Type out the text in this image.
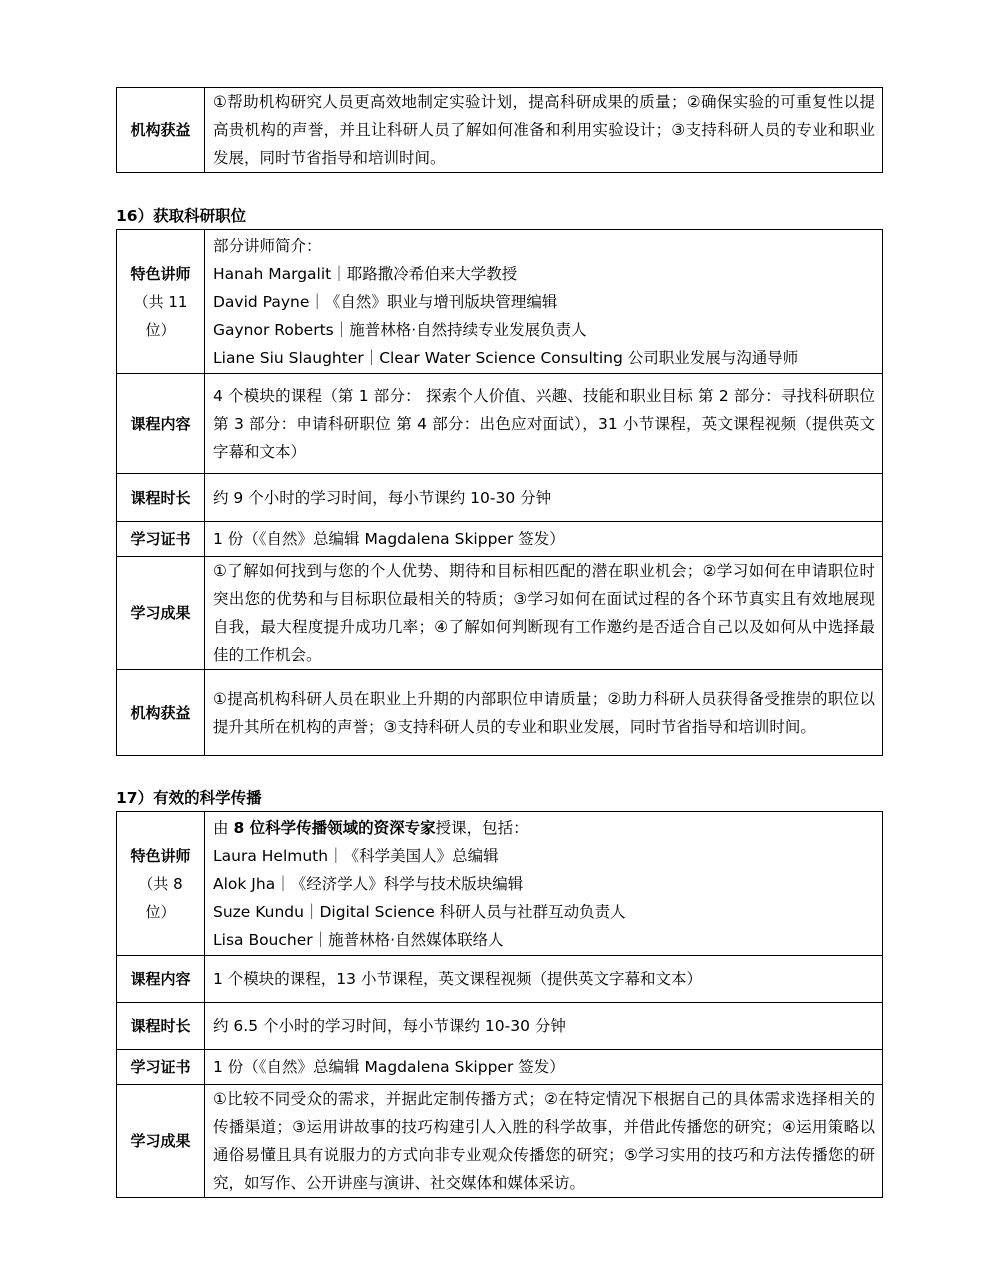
机构获益	①帮助机构研究人员更高效地制定实验计划，提高科研成果的质量；②确保实验的可重复性以提高贵机构的声誉，并且让科研人员了解如何准备和利用实验设计；③支持科研人员的专业和职业发展，同时节省指导和培训时间。
16）获取科研职位
特色讲师
（共 11
位）	部分讲师简介：
Hanah Margalit｜耶路撒冷希伯来大学教授
David Payne｜《自然》职业与增刊版块管理编辑
Gaynor Roberts｜施普林格·自然持续专业发展负责人
Liane Siu Slaughter｜Clear Water Science Consulting 公司职业发展与沟通导师

课程内容	4 个模块的课程（第 1 部分： 探索个人价值、兴趣、技能和职业目标 第 2 部分：寻找科研职位第 3 部分：申请科研职位 第 4 部分：出色应对面试），31 小节课程，英文课程视频（提供英文字幕和文本）
课程时长	约 9 个小时的学习时间，每小节课约 10-30 分钟
学习证书	1 份（《自然》总编辑 Magdalena Skipper 签发）
学习成果	①了解如何找到与您的个人优势、期待和目标相匹配的潜在职业机会；②学习如何在申请职位时突出您的优势和与目标职位最相关的特质；③学习如何在面试过程的各个环节真实且有效地展现自我，最大程度提升成功几率；④了解如何判断现有工作邀约是否适合自己以及如何从中选择最佳的工作机会。
机构获益	①提高机构科研人员在职业上升期的内部职位申请质量；②助力科研人员获得备受推崇的职位以提升其所在机构的声誉；③支持科研人员的专业和职业发展，同时节省指导和培训时间。
17）有效的科学传播
特色讲师
（共 8
位）	由 8 位科学传播领域的资深专家授课，包括：
Laura Helmuth｜《科学美国人》总编辑
Alok Jha｜《经济学人》科学与技术版块编辑
Suze Kundu｜Digital Science 科研人员与社群互动负责人
Lisa Boucher｜施普林格·自然媒体联络人

课程内容	1 个模块的课程，13 小节课程，英文课程视频（提供英文字幕和文本）
课程时长	约 6.5 个小时的学习时间，每小节课约 10-30 分钟
学习证书	1 份（《自然》总编辑 Magdalena Skipper 签发）
学习成果	①比较不同受众的需求，并据此定制传播方式；②在特定情况下根据自己的具体需求选择相关的传播渠道；③运用讲故事的技巧构建引人入胜的科学故事，并借此传播您的研究；④运用策略以通俗易懂且具有说服力的方式向非专业观众传播您的研究；⑤学习实用的技巧和方法传播您的研究，如写作、公开讲座与演讲、社交媒体和媒体采访。
